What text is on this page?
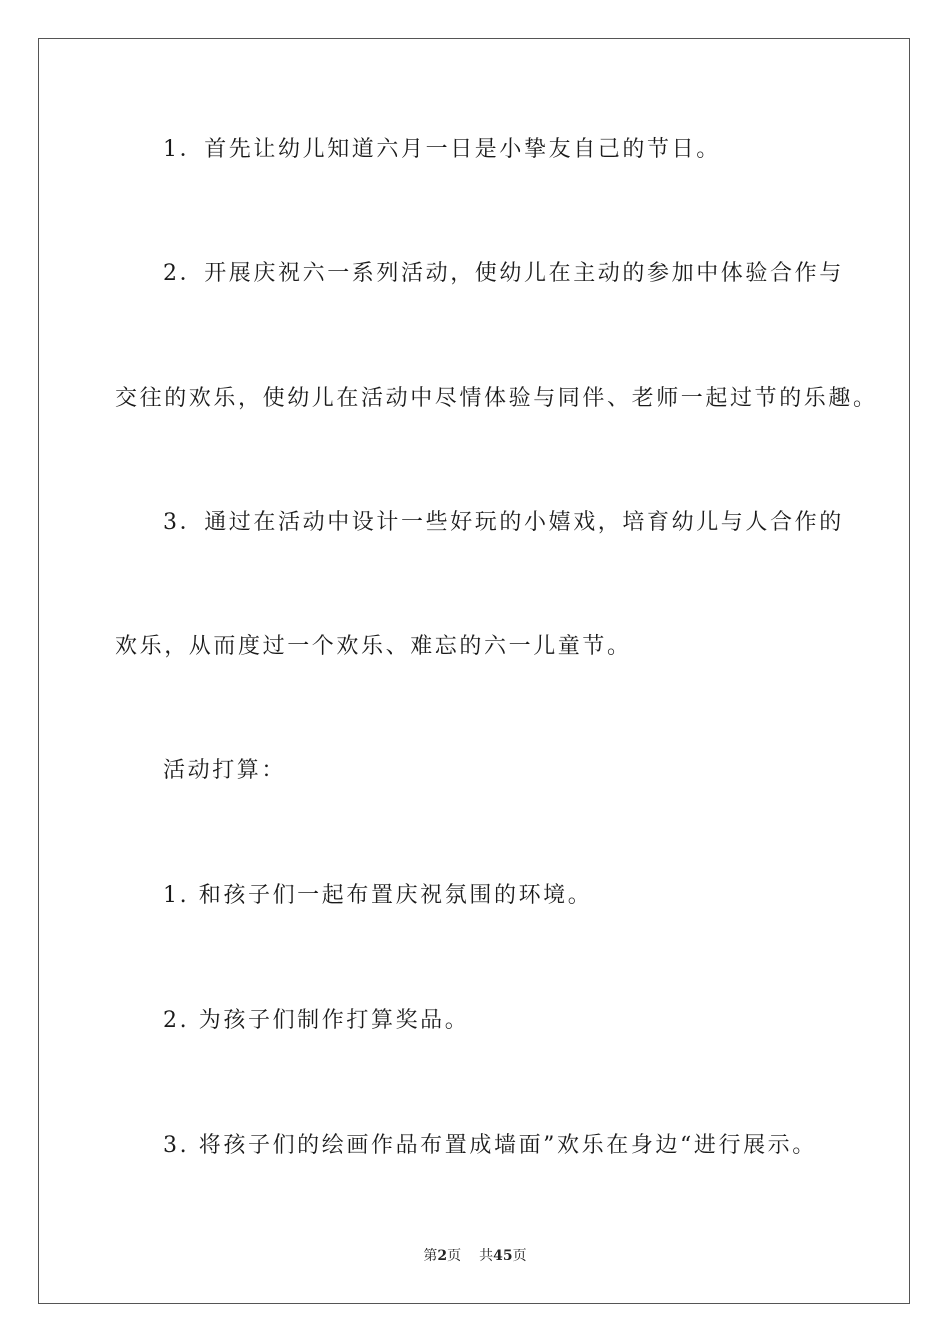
1．首先让幼儿知道六月一日是小挚友自己的节日。
2．开展庆祝六一系列活动，使幼儿在主动的参加中体验合作与
交往的欢乐，使幼儿在活动中尽情体验与同伴、老师一起过节的乐趣。
3．通过在活动中设计一些好玩的小嬉戏，培育幼儿与人合作的
欢乐，从而度过一个欢乐、难忘的六一儿童节。
活动打算：
1. 和孩子们一起布置庆祝氛围的环境。
2. 为孩子们制作打算奖品。
3. 将孩子们的绘画作品布置成墙面”欢乐在身边“进行展示。
第2页 共45页
